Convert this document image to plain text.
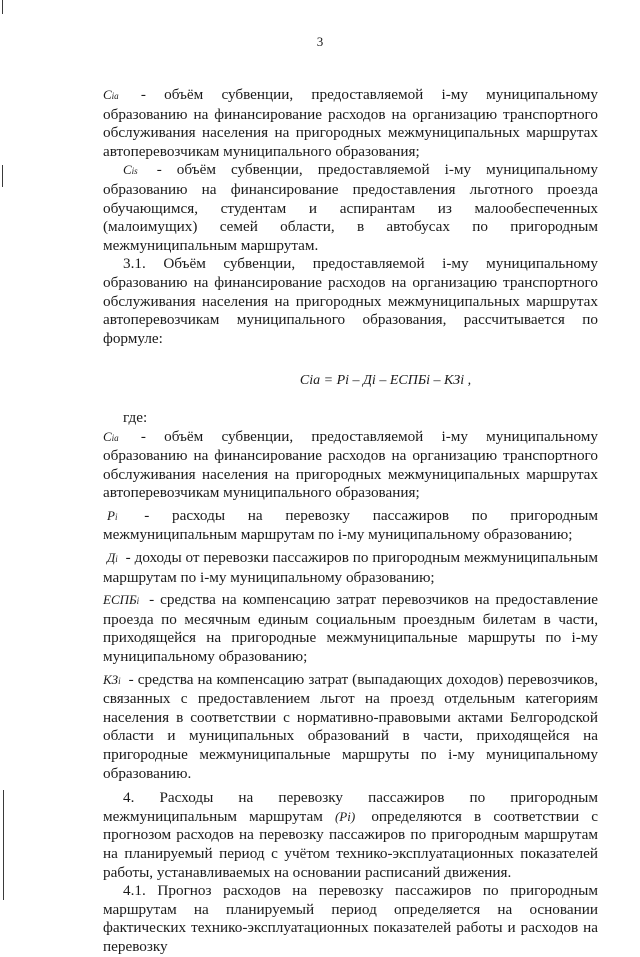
3

Cia - объём субвенции, предоставляемой i-му муниципальному образованию на финансирование расходов на организацию транспортного обслуживания населения на пригородных межмуниципальных маршрутах автоперевозчикам муниципального образования;

Cis - объём субвенции, предоставляемой i-му муниципальному образованию на финансирование предоставления льготного проезда обучающимся, студентам и аспирантам из малообеспеченных (малоимущих) семей области, в автобусах по пригородным межмуниципальным маршрутам.

3.1. Объём субвенции, предоставляемой i-му муниципальному образованию на финансирование расходов на организацию транспортного обслуживания населения на пригородных межмуниципальных маршрутах автоперевозчикам муниципального образования, рассчитывается по формуле:

Cia = Pi – Дi – ЕСПБi – КЗi ,

где:

Cia - объём субвенции, предоставляемой i-му муниципальному образованию на финансирование расходов на организацию транспортного обслуживания населения на пригородных межмуниципальных маршрутах автоперевозчикам муниципального образования;

Pi - расходы на перевозку пассажиров по пригородным межмуниципальным маршрутам по i-му муниципальному образованию;

Дi - доходы от перевозки пассажиров по пригородным межмуниципальным маршрутам по i-му муниципальному образованию;

ЕСПБi - средства на компенсацию затрат перевозчиков на предоставление проезда по месячным единым социальным проездным билетам в части, приходящейся на пригородные межмуниципальные маршруты по i-му муниципальному образованию;

КЗi - средства на компенсацию затрат (выпадающих доходов) перевозчиков, связанных с предоставлением льгот на проезд отдельным категориям населения в соответствии с нормативно-правовыми актами Белгородской области и муниципальных образований в части, приходящейся на пригородные межмуниципальные маршруты по i-му муниципальному образованию.

4. Расходы на перевозку пассажиров по пригородным межмуниципальным маршрутам (Pi) определяются в соответствии с прогнозом расходов на перевозку пассажиров по пригородным маршрутам на планируемый период с учётом технико-эксплуатационных показателей работы, устанавливаемых на основании расписаний движения.

4.1. Прогноз расходов на перевозку пассажиров по пригородным маршрутам на планируемый период определяется на основании фактических технико-эксплуатационных показателей работы и расходов на перевозку
